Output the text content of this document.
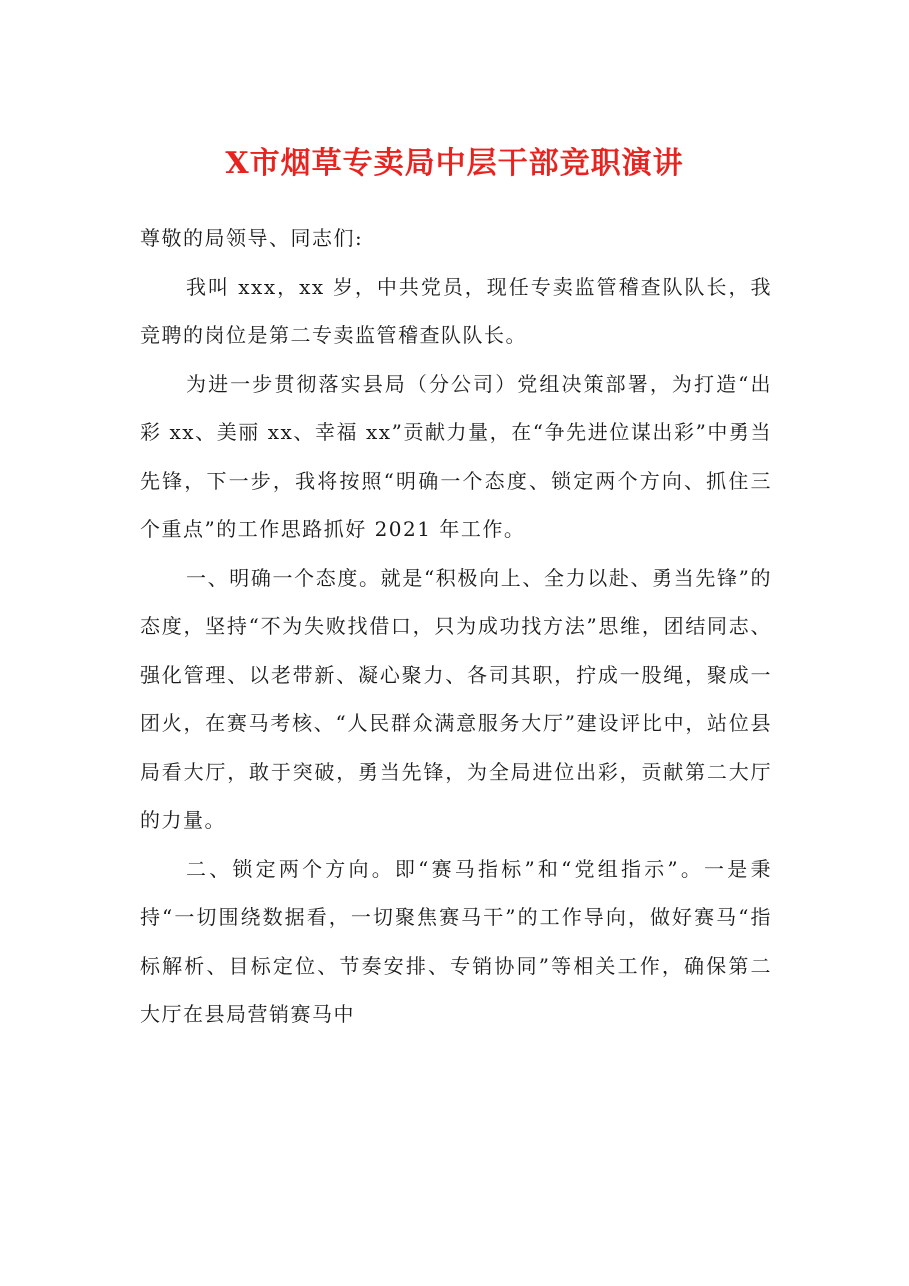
X市烟草专卖局中层干部竞职演讲

尊敬的局领导、同志们:

我叫 xxx，xx 岁，中共党员，现任专卖监管稽查队队长，我竞聘的岗位是第二专卖监管稽查队队长。

为进一步贯彻落实县局（分公司）党组决策部署，为打造“出彩 xx、美丽 xx、幸福 xx”贡献力量，在“争先进位谋出彩”中勇当先锋，下一步，我将按照“明确一个态度、锁定两个方向、抓住三个重点”的工作思路抓好 2021 年工作。

一、明确一个态度。就是“积极向上、全力以赴、勇当先锋”的态度，坚持“不为失败找借口，只为成功找方法”思维，团结同志、强化管理、以老带新、凝心聚力、各司其职，拧成一股绳，聚成一团火，在赛马考核、“人民群众满意服务大厅”建设评比中，站位县局看大厅，敢于突破，勇当先锋，为全局进位出彩，贡献第二大厅的力量。

二、锁定两个方向。即“赛马指标”和“党组指示”。一是秉持“一切围绕数据看，一切聚焦赛马干”的工作导向，做好赛马“指标解析、目标定位、节奏安排、专销协同”等相关工作，确保第二大厅在县局营销赛马中
